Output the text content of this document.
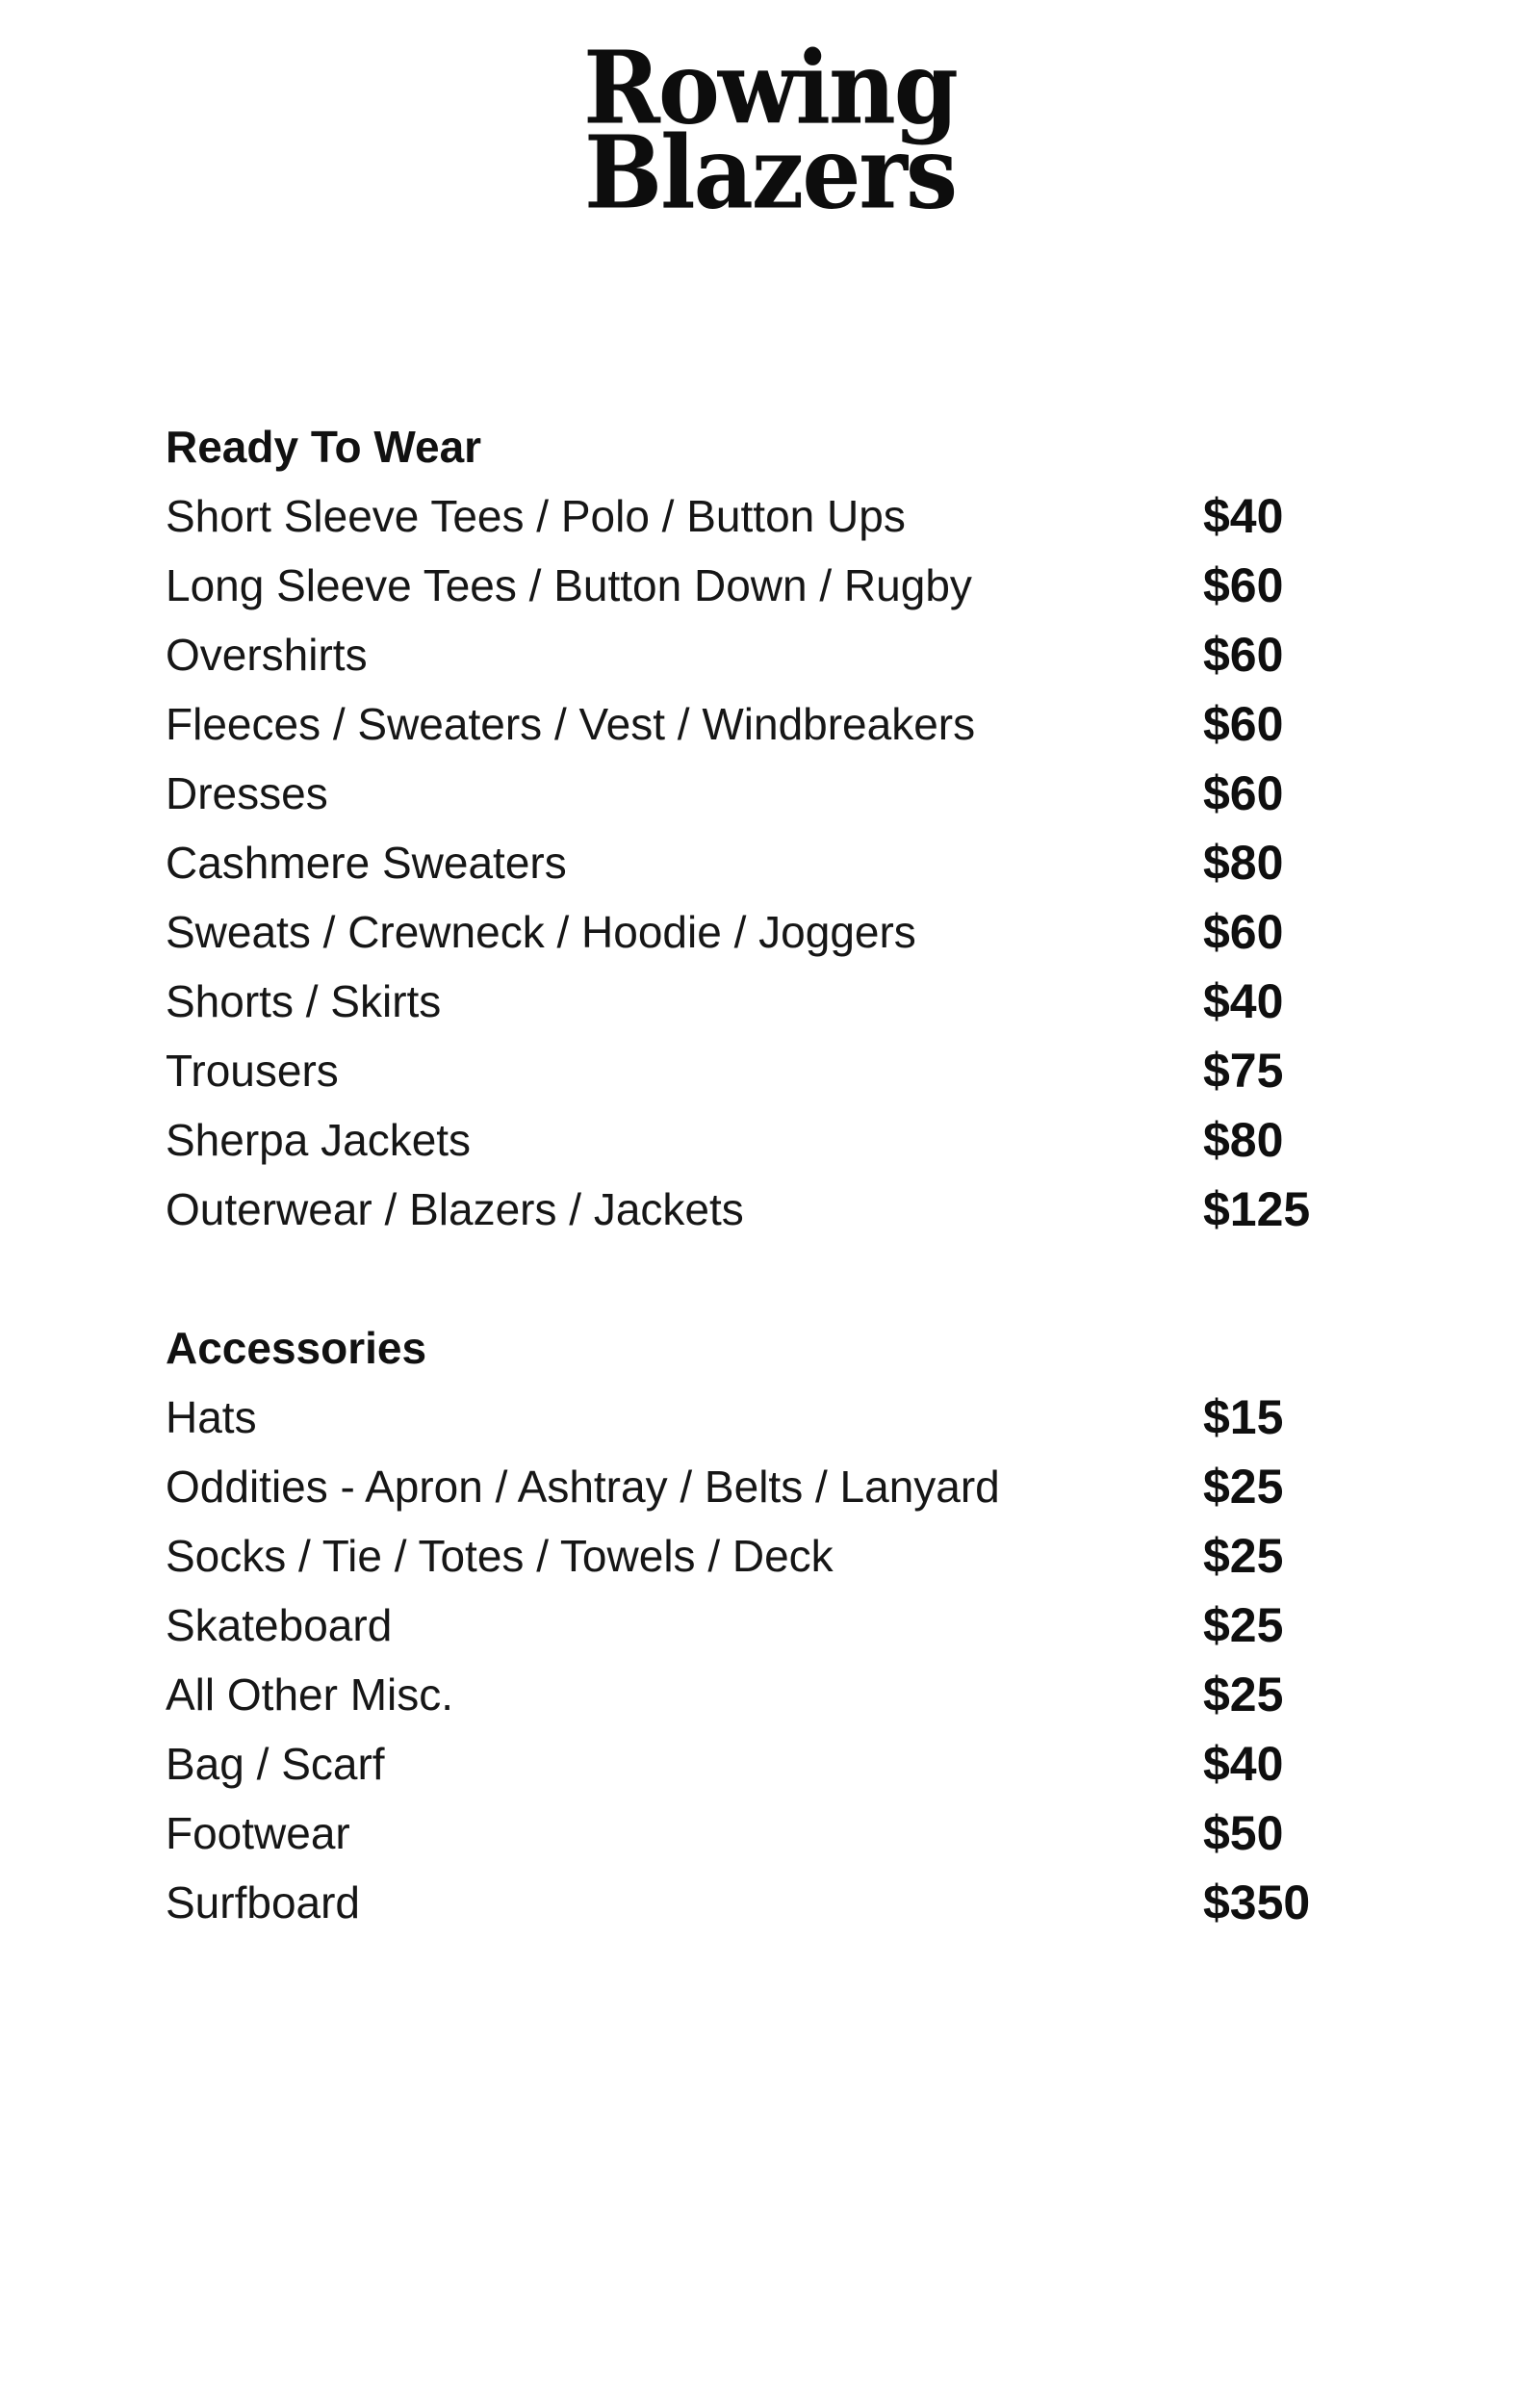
Rowing
Blazers
Ready To Wear
Short Sleeve Tees / Polo / Button Ups	$40
Long Sleeve Tees / Button Down / Rugby	$60
Overshirts	$60
Fleeces / Sweaters / Vest / Windbreakers	$60
Dresses	$60
Cashmere Sweaters	$80
Sweats / Crewneck / Hoodie / Joggers	$60
Shorts / Skirts	$40
Trousers	$75
Sherpa Jackets	$80
Outerwear / Blazers / Jackets	$125
Accessories
Hats	$15
Oddities - Apron / Ashtray / Belts / Lanyard	$25
Socks / Tie / Totes / Towels / Deck	$25
Skateboard	$25
All Other Misc.	$25
Bag / Scarf	$40
Footwear	$50
Surfboard	$350
